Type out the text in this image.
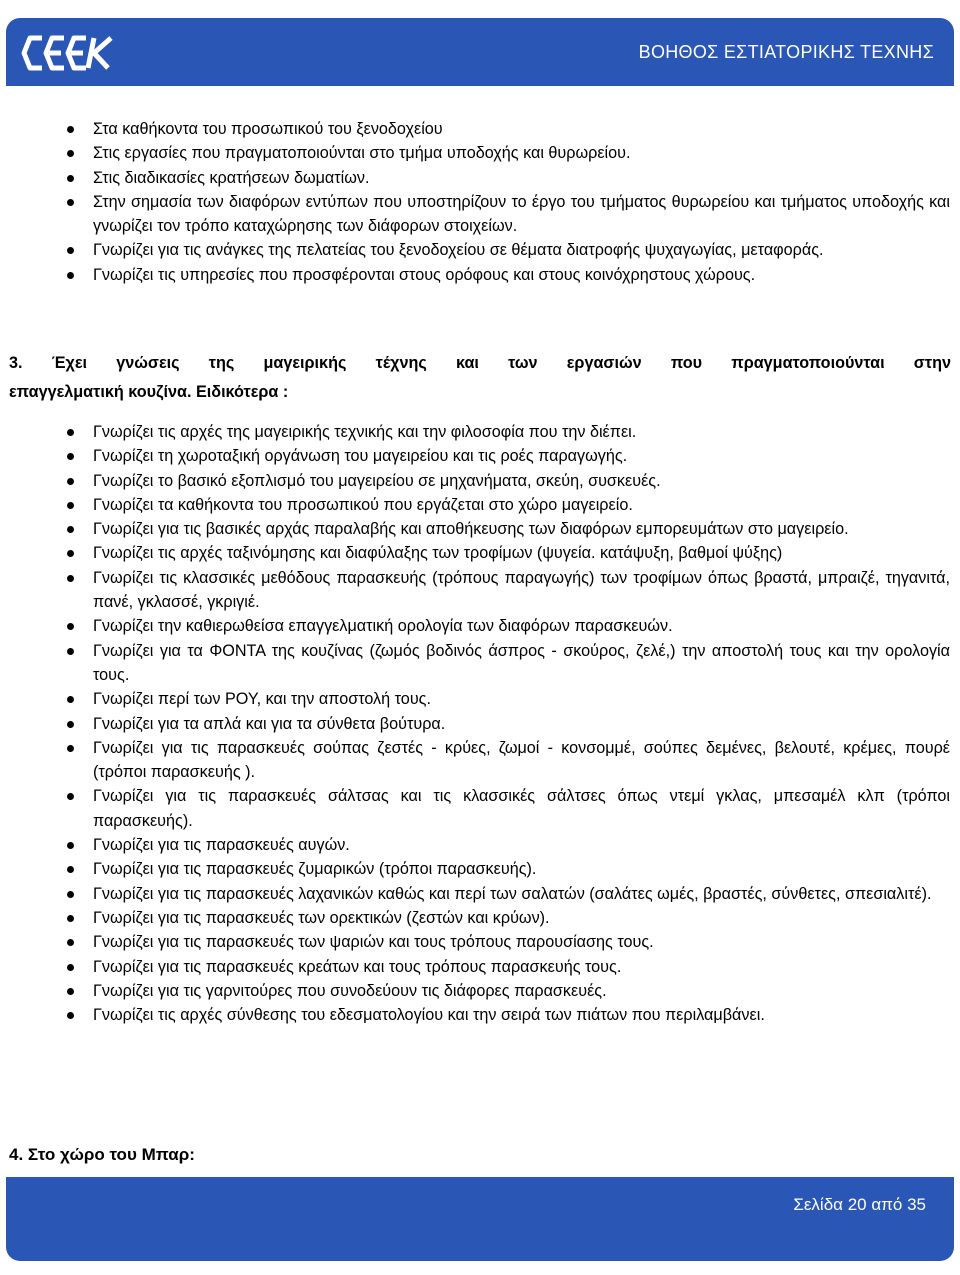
ΒΟΗΘΟΣ ΕΣΤΙΑΤΟΡΙΚΗΣ ΤΕΧΝΗΣ
Στα καθήκοντα του προσωπικού του ξενοδοχείου
Στις εργασίες που πραγματοποιούνται στο τμήμα υποδοχής και θυρωρείου.
Στις διαδικασίες κρατήσεων δωματίων.
Στην σημασία των διαφόρων εντύπων που υποστηρίζουν το έργο του τμήματος θυρωρείου και τμήματος υποδοχής και γνωρίζει τον τρόπο καταχώρησης των διάφορων στοιχείων.
Γνωρίζει για τις ανάγκες της πελατείας του ξενοδοχείου σε θέματα διατροφής ψυχαγωγίας, μεταφοράς.
Γνωρίζει τις υπηρεσίες που προσφέρονται στους ορόφους και στους κοινόχρηστους χώρους.
3. Έχει γνώσεις της μαγειρικής τέχνης και των εργασιών που πραγματοποιούνται στην
επαγγελματική κουζίνα. Ειδικότερα :
Γνωρίζει τις αρχές της μαγειρικής τεχνικής και την φιλοσοφία που την διέπει.
Γνωρίζει τη χωροταξική οργάνωση του μαγειρείου και τις ροές παραγωγής.
Γνωρίζει το βασικό εξοπλισμό του μαγειρείου σε μηχανήματα, σκεύη, συσκευές.
Γνωρίζει τα καθήκοντα του προσωπικού που εργάζεται στο χώρο μαγειρείο.
Γνωρίζει για τις βασικές αρχάς παραλαβής και αποθήκευσης των διαφόρων εμπορευμάτων στο μαγειρείο.
Γνωρίζει τις αρχές ταξινόμησης και διαφύλαξης των τροφίμων (ψυγεία. κατάψυξη, βαθμοί ψύξης)
Γνωρίζει τις κλασσικές μεθόδους παρασκευής (τρόπους παραγωγής) των τροφίμων όπως βραστά, μπραιζέ, τηγανιτά, πανέ, γκλασσέ, γκριγιέ.
Γνωρίζει την καθιερωθείσα επαγγελματική ορολογία των διαφόρων παρασκευών.
Γνωρίζει για τα ΦΟΝΤΑ της κουζίνας (ζωμός βοδινός άσπρος - σκούρος, ζελέ,) την αποστολή τους και την ορολογία τους.
Γνωρίζει περί των ΡΟΥ, και την αποστολή τους.
Γνωρίζει για τα απλά και για τα σύνθετα βούτυρα.
Γνωρίζει για τις παρασκευές σούπας ζεστές - κρύες, ζωμοί - κονσομμέ, σούπες δεμένες, βελουτέ, κρέμες, πουρέ (τρόποι παρασκευής ).
Γνωρίζει για τις παρασκευές σάλτσας και τις κλασσικές σάλτσες όπως ντεμί γκλας, μπεσαμέλ κλπ (τρόποι παρασκευής).
Γνωρίζει για τις παρασκευές αυγών.
Γνωρίζει για τις παρασκευές ζυμαρικών (τρόποι παρασκευής).
Γνωρίζει για τις παρασκευές λαχανικών καθώς και περί των σαλατών (σαλάτες ωμές, βραστές, σύνθετες, σπεσιαλιτέ).
Γνωρίζει για τις παρασκευές των ορεκτικών (ζεστών και κρύων).
Γνωρίζει για τις παρασκευές των ψαριών και τους τρόπους παρουσίασης τους.
Γνωρίζει για τις παρασκευές κρεάτων και τους τρόπους παρασκευής τους.
Γνωρίζει για τις γαρνιτούρες που συνοδεύουν τις διάφορες παρασκευές.
Γνωρίζει τις αρχές σύνθεσης του εδεσματολογίου και την σειρά των πιάτων που περιλαμβάνει.
4. Στο χώρο του Μπαρ:
Σελίδα 20 από 35
